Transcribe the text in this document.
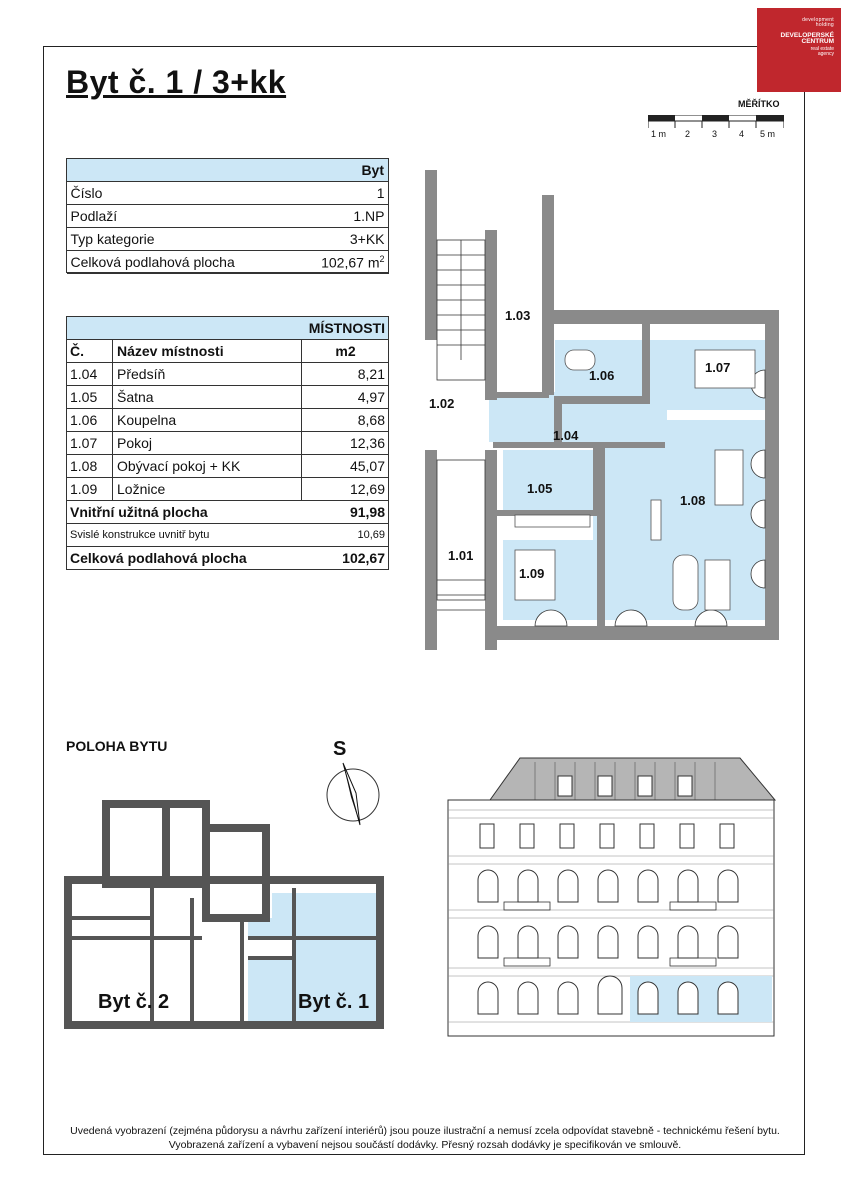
development
holding
DEVELOPERSKÉ
CENTRUM
real estate
agency
Byt č. 1 / 3+kk
MĚŘÍTKO
1 m 2 3 4 5 m
Byt	
Číslo	1
Podlaží	1.NP
Typ kategorie	3+KK
Celková podlahová plocha	102,67 $m^2$
MÍSTNOSTI		
Č.	Název místnosti	m2
1.04	Předsíň	8,21
1.05	Šatna	4,97
1.06	Koupelna	8,68
1.07	Pokoj	12,36
1.08	Obývací pokoj + KK	45,07
1.09	Ložnice	12,69
Vnitřní užitná plocha		91,98
Svislé konstrukce uvnitř bytu		10,69
Celková podlahová plocha		102,67
1.03
1.06
1.07
1.02
1.04
1.05
1.08
1.01
1.09
POLOHA BYTU	S
Byt č. 2	Byt č. 1
Uvedená vyobrazení (zejména půdorysu a návrhu zařízení interiérů) jsou pouze ilustrační a nemusí zcela odpovídat stavebně - technickému řešení bytu. Vyobrazená zařízení a vybavení nejsou součástí dodávky. Přesný rozsah dodávky je specifikován ve smlouvě.
